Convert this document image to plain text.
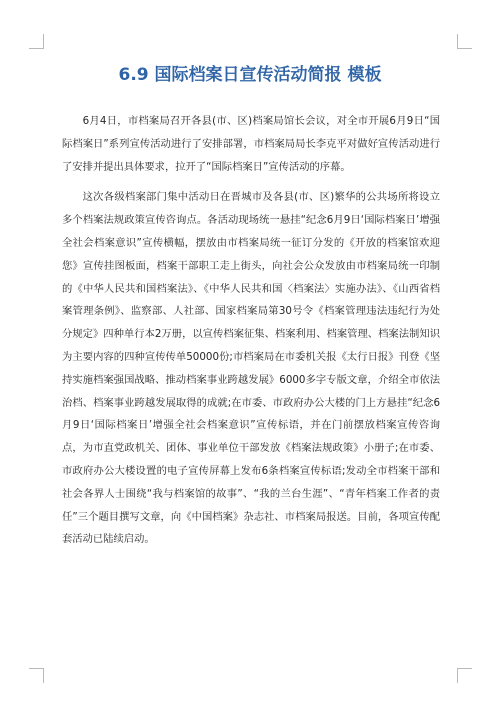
6.9 国际档案日宣传活动简报 模板

6月4日，市档案局召开各县(市、区)档案局馆长会议，对全市开展6月9日“国际档案日”系列宣传活动进行了安排部署，市档案局局长李克平对做好宣传活动进行了安排并提出具体要求，拉开了“国际档案日”宣传活动的序幕。

这次各级档案部门集中活动日在晋城市及各县(市、区)繁华的公共场所将设立多个档案法规政策宣传咨询点。各活动现场统一悬挂“纪念6月9日‘国际档案日’增强全社会档案意识”宣传横幅，摆放由市档案局统一征订分发的《开放的档案馆欢迎您》宣传挂图板面，档案干部职工走上街头，向社会公众发放由市档案局统一印制的《中华人民共和国档案法》、《中华人民共和国〈档案法〉实施办法》、《山西省档案管理条例》、监察部、人社部、国家档案局第30号令《档案管理违法违纪行为处分规定》四种单行本2万册，以宣传档案征集、档案利用、档案管理、档案法制知识为主要内容的四种宣传传单50000份;市档案局在市委机关报《太行日报》刊登《坚持实施档案强国战略、推动档案事业跨越发展》6000多字专版文章，介绍全市依法治档、档案事业跨越发展取得的成就;在市委、市政府办公大楼的门上方悬挂“纪念6月9日‘国际档案日’增强全社会档案意识”宣传标语，并在门前摆放档案宣传咨询点，为市直党政机关、团体、事业单位干部发放《档案法规政策》小册子;在市委、市政府办公大楼设置的电子宣传屏幕上发布6条档案宣传标语;发动全市档案干部和社会各界人士围绕“我与档案馆的故事”、“我的兰台生涯”、“青年档案工作者的责任”三个题目撰写文章，向《中国档案》杂志社、市档案局报送。目前，各项宣传配套活动已陆续启动。
